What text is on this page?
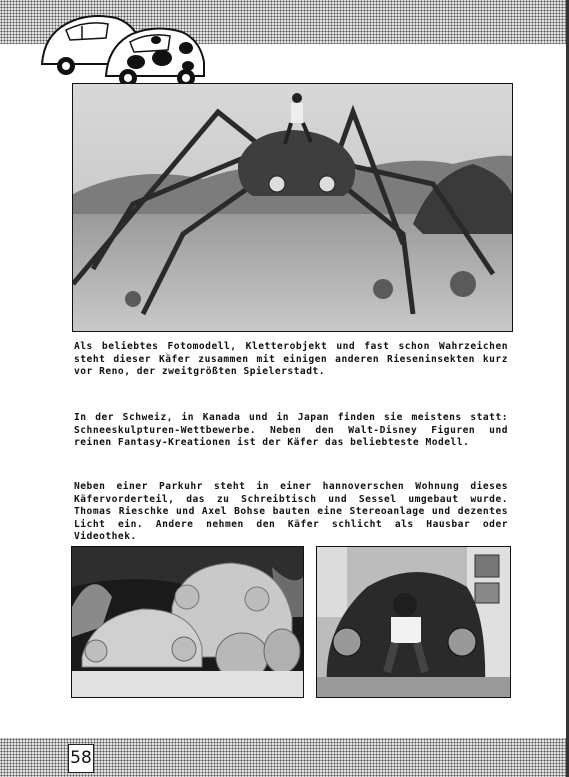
Als beliebtes Fotomodell, Kletterobjekt und fast schon Wahrzeichen steht dieser Käfer zusammen mit einigen anderen Rieseninsekten kurz vor Reno, der zweitgrößten Spielerstadt.

In der Schweiz, in Kanada und in Japan finden sie meistens statt: Schneeskulpturen-Wettbewerbe. Neben den Walt-Disney Figuren und reinen Fantasy-Kreationen ist der Käfer das beliebteste Modell.

Neben einer Parkuhr steht in einer hannoverschen Wohnung dieses Käfervorderteil, das zu Schreibtisch und Sessel umgebaut wurde. Thomas Rieschke und Axel Bohse bauten eine Stereoanlage und dezentes Licht ein. Andere nehmen den Käfer schlicht als Hausbar oder Videothek.

58
